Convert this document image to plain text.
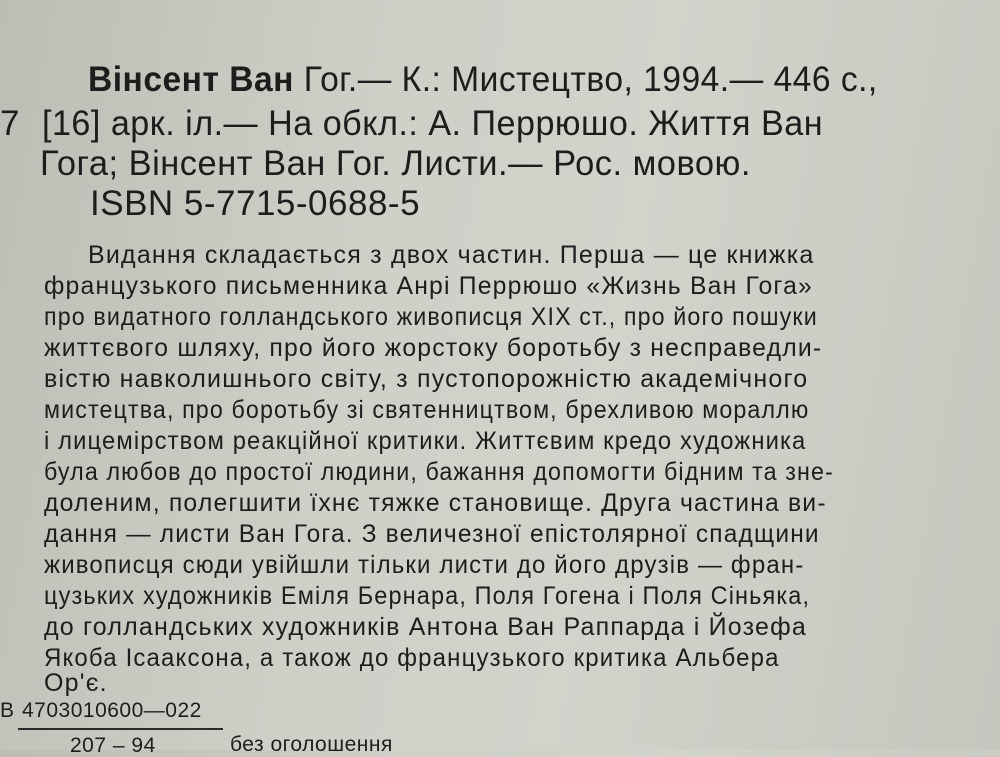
Вінсент Ван Гог.— К.: Мистецтво, 1994.— 446 с.,
7 [16] арк. іл.— На обкл.: А. Перрюшо. Життя Ван
Гога; Вінсент Ван Гог. Листи.— Рос. мовою.
ISBN 5-7715-0688-5
Видання складається з двох частин. Перша — це книжка
французького письменника Анрі Перрюшо «Жизнь Ван Гога»
про видатного голландського живописця XIX ст., про його пошуки
життєвого шляху, про його жорстоку боротьбу з несправедли-
вістю навколишнього світу, з пустопорожністю академічного
мистецтва, про боротьбу зі святенництвом, брехливою мораллю
і лицемірством реакційної критики. Життєвим кредо художника
була любов до простої людини, бажання допомогти бідним та зне-
доленим, полегшити їхнє тяжке становище. Друга частина ви-
дання — листи Ван Гога. З величезної епістолярної спадщини
живописця сюди увійшли тільки листи до його друзів — фран-
цузьких художників Еміля Бернара, Поля Гогена і Поля Сіньяка,
до голландських художників Антона Ван Раппарда і Йозефа
Якоба Ісааксона, а також до французького критика Альбера
Ор'є.
В 4703010600—022
207 – 94	без оголошення
